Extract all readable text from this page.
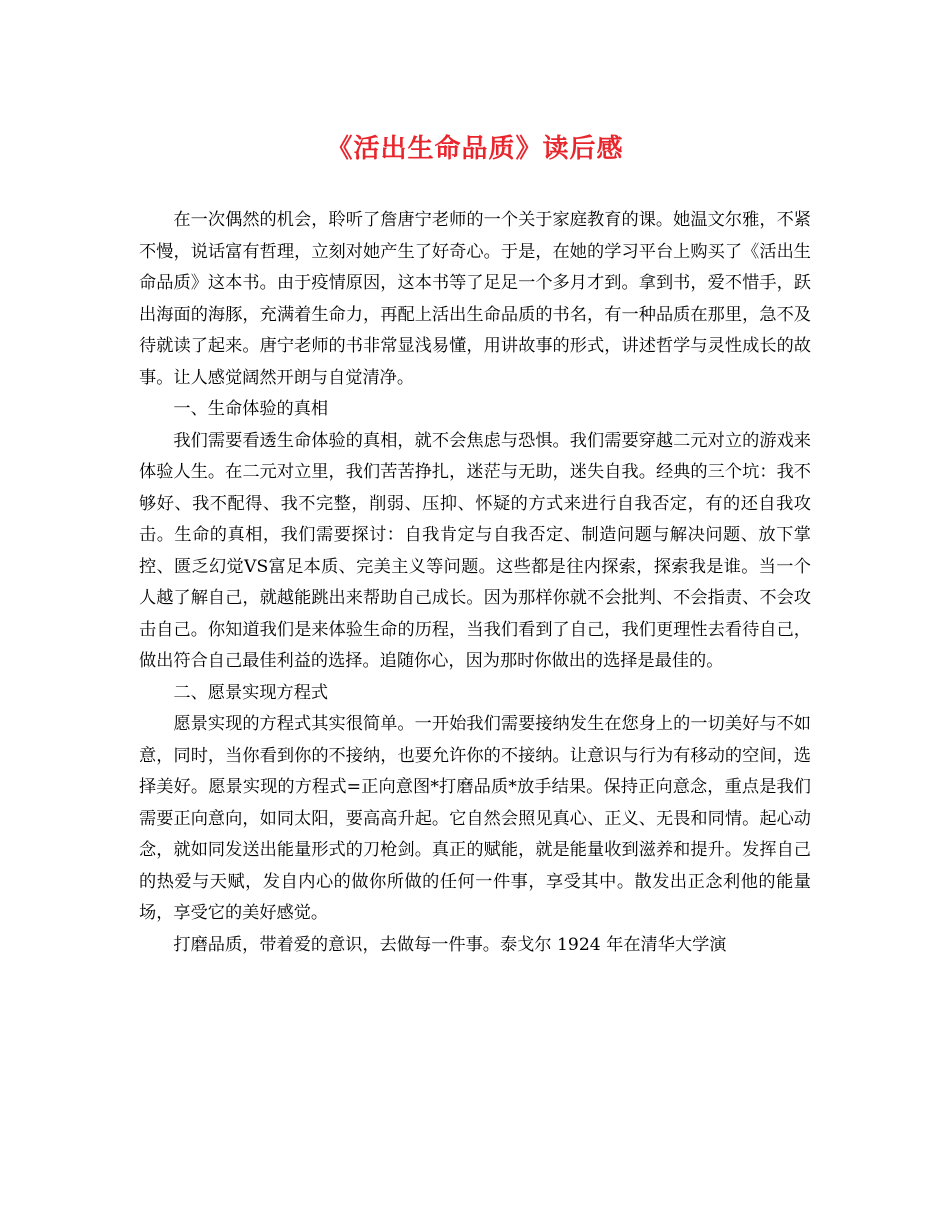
《活出生命品质》读后感

在一次偶然的机会，聆听了詹唐宁老师的一个关于家庭教育的课。她温文尔雅，不紧不慢，说话富有哲理，立刻对她产生了好奇心。于是，在她的学习平台上购买了《活出生命品质》这本书。由于疫情原因，这本书等了足足一个多月才到。拿到书，爱不惜手，跃出海面的海豚，充满着生命力，再配上活出生命品质的书名，有一种品质在那里，急不及待就读了起来。唐宁老师的书非常显浅易懂，用讲故事的形式，讲述哲学与灵性成长的故事。让人感觉阔然开朗与自觉清净。

一、生命体验的真相

我们需要看透生命体验的真相，就不会焦虑与恐惧。我们需要穿越二元对立的游戏来体验人生。在二元对立里，我们苦苦挣扎，迷茫与无助，迷失自我。经典的三个坑：我不够好、我不配得、我不完整，削弱、压抑、怀疑的方式来进行自我否定，有的还自我攻击。生命的真相，我们需要探讨：自我肯定与自我否定、制造问题与解决问题、放下掌控、匮乏幻觉VS富足本质、完美主义等问题。这些都是往内探索，探索我是谁。当一个人越了解自己，就越能跳出来帮助自己成长。因为那样你就不会批判、不会指责、不会攻击自己。你知道我们是来体验生命的历程，当我们看到了自己，我们更理性去看待自己，做出符合自己最佳利益的选择。追随你心，因为那时你做出的选择是最佳的。

二、愿景实现方程式

愿景实现的方程式其实很简单。一开始我们需要接纳发生在您身上的一切美好与不如意，同时，当你看到你的不接纳，也要允许你的不接纳。让意识与行为有移动的空间，选择美好。愿景实现的方程式=正向意图*打磨品质*放手结果。保持正向意念，重点是我们需要正向意向，如同太阳，要高高升起。它自然会照见真心、正义、无畏和同情。起心动念，就如同发送出能量形式的刀枪剑。真正的赋能，就是能量收到滋养和提升。发挥自己的热爱与天赋，发自内心的做你所做的任何一件事，享受其中。散发出正念利他的能量场，享受它的美好感觉。

打磨品质，带着爱的意识，去做每一件事。泰戈尔 1924 年在清华大学演
